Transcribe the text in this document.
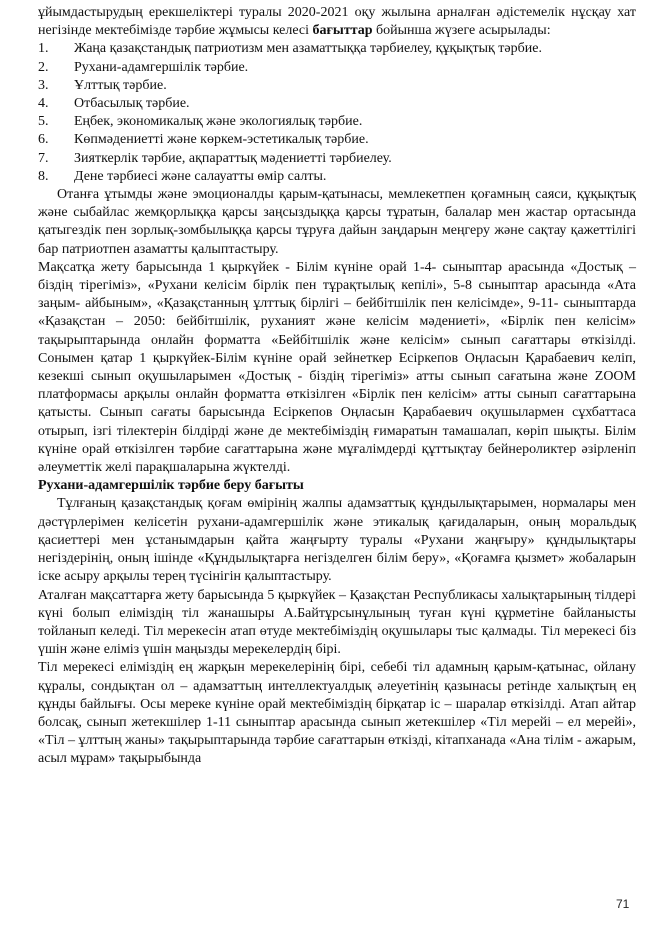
ұйымдастырудың ерекшеліктері туралы 2020-2021 оқу жылына арналған әдістемелік нұсқау хат негізінде мектебімізде тәрбие жұмысы келесі бағыттар бойынша жүзеге асырылады:

1. Жаңа қазақстандық патриотизм мен азаматтыққа тәрбиелеу, құқықтық тәрбие.
2. Рухани-адамгершілік тәрбие.
3. Ұлттық тәрбие.
4. Отбасылық тәрбие.
5. Еңбек, экономикалық және экологиялық тәрбие.
6. Көпмәдениетті және көркем-эстетикалық тәрбие.
7. Зияткерлік тәрбие, ақпараттық мәдениетті тәрбиелеу.
8. Дене тәрбиесі және салауатты өмір салты.

Отанға ұтымды және эмоционалды қарым-қатынасы, мемлекетпен қоғамның саяси, құқықтық және сыбайлас жемқорлыққа қарсы заңсыздыққа қарсы тұратын, балалар мен жастар ортасында қатыгездік пен зорлық-зомбылыққа қарсы тұруға дайын заңдарын меңгеру және сақтау қажеттілігі бар патриотпен азаматты қалыптастыру.

Мақсатқа жету барысында 1 қыркүйек - Білім күніне орай 1-4- сыныптар арасында «Достық – біздің тірегіміз», «Рухани келісім бірлік пен тұрақтылық кепілі», 5-8 сыныптар арасында «Ата заңым- айбыным», «Қазақстанның ұлттық бірлігі – бейбітшілік пен келісімде», 9-11- сыныптарда «Қазақстан – 2050: бейбітшілік, руханият және келісім мәдениеті», «Бірлік пен келісім» тақырыптарында онлайн форматта «Бейбітшілік және келісім» сынып сағаттары өткізілді. Сонымен қатар 1 қыркүйек-Білім күніне орай зейнеткер Есіркепов Оңласын Қарабаевич келіп, кезекші сынып оқушыларымен «Достық - біздің тірегіміз» атты сынып сағатына және ZOOM платформасы арқылы онлайн форматта өткізілген «Бірлік пен келісім» атты сынып сағаттарына қатысты. Сынып сағаты барысында Есіркепов Оңласын Қарабаевич оқушылармен сұхбаттаса отырып, ізгі тілектерін білдірді және де мектебіміздің ғимаратын тамашалап, көріп шықты. Білім күніне орай өткізілген тәрбие сағаттарына және мұғалімдерді құттықтау бейнероликтер әзірленіп әлеуметтік желі парақшаларына жүктелді.

Рухани-адамгершілік тәрбие беру бағыты

Тұлғаның қазақстандық қоғам өмірінің жалпы адамзаттық құндылықтарымен, нормалары мен дәстүрлерімен келісетін рухани-адамгершілік және этикалық қағидаларын, оның моральдық қасиеттері мен ұстанымдарын қайта жаңғырту туралы «Рухани жаңғыру» құндылықтары негіздерінің, оның ішінде «Құндылықтарға негізделген білім беру», «Қоғамға қызмет» жобаларын іске асыру арқылы терең түсінігін қалыптастыру.

Аталған мақсаттарға жету барысында 5 қыркүйек – Қазақстан Республикасы халықтарының тілдері күні болып еліміздің тіл жанашыры А.Байтұрсынұлының туған күні құрметіне байланысты тойланып келеді. Тіл мерекесін атап өтуде мектебіміздің оқушылары тыс қалмады. Тіл мерекесі біз үшін және еліміз үшін маңызды мерекелердің бірі.

Тіл мерекесі еліміздің ең жарқын мерекелерінің бірі, себебі тіл адамның қарым-қатынас, ойлану құралы, сондықтан ол – адамзаттың интеллектуалдық әлеуетінің қазынасы ретінде халықтың ең құнды байлығы. Осы мереке күніне орай мектебіміздің бірқатар іс – шаралар өткізілді. Атап айтар болсақ, сынып жетекшілер 1-11 сыныптар арасында сынып жетекшілер «Тіл мерейі – ел мерейі», «Тіл – ұлттың жаны» тақырыптарында тәрбие сағаттарын өткізді, кітапханада «Ана тілім - ажарым, асыл мұрам» тақырыбында

71
